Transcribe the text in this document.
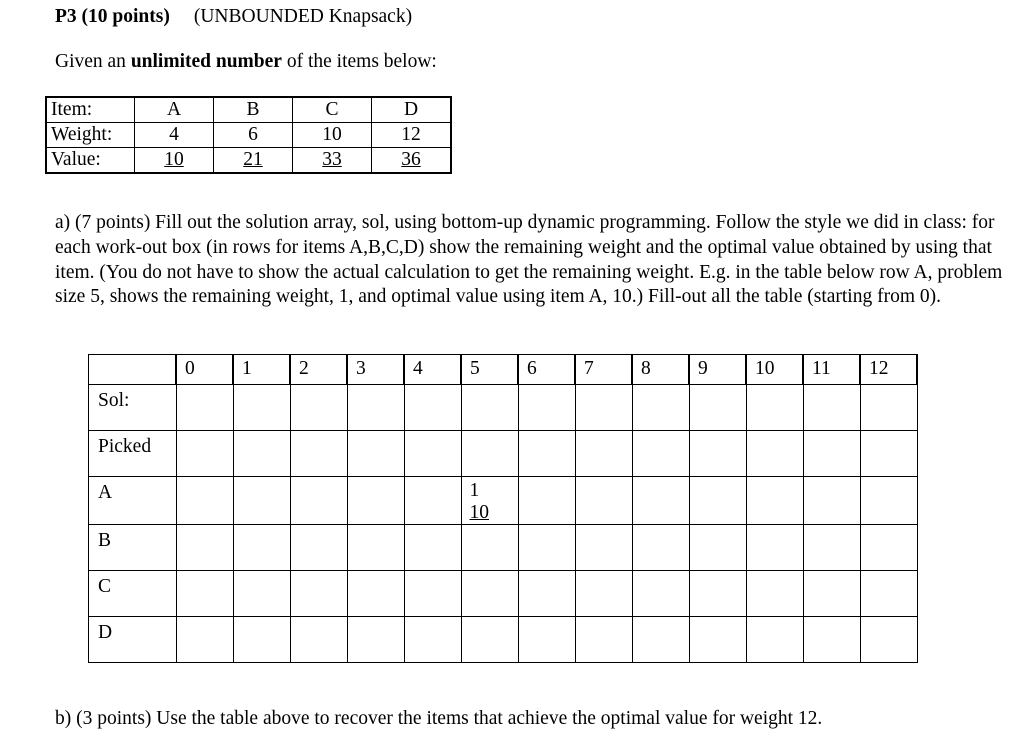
P3 (10 points) (UNBOUNDED Knapsack)
Given an unlimited number of the items below:
Item:	A	B	C	D
Weight:	4	6	10	12
Value:	10	21	33	36
a) (7 points) Fill out the solution array, sol, using bottom-up dynamic programming. Follow the style we did in class: for each work-out box (in rows for items A,B,C,D) show the remaining weight and the optimal value obtained by using that item. (You do not have to show the actual calculation to get the remaining weight. E.g. in the table below row A, problem size 5, shows the remaining weight, 1, and optimal value using item A, 10.) Fill-out all the table (starting from 0).

	0	1	2	3	4	5	6	7	8	9	10	11	12

Sol:													

Picked													

A						1
10							

B													

C													

D													

b) (3 points) Use the table above to recover the items that achieve the optimal value for weight 12.
